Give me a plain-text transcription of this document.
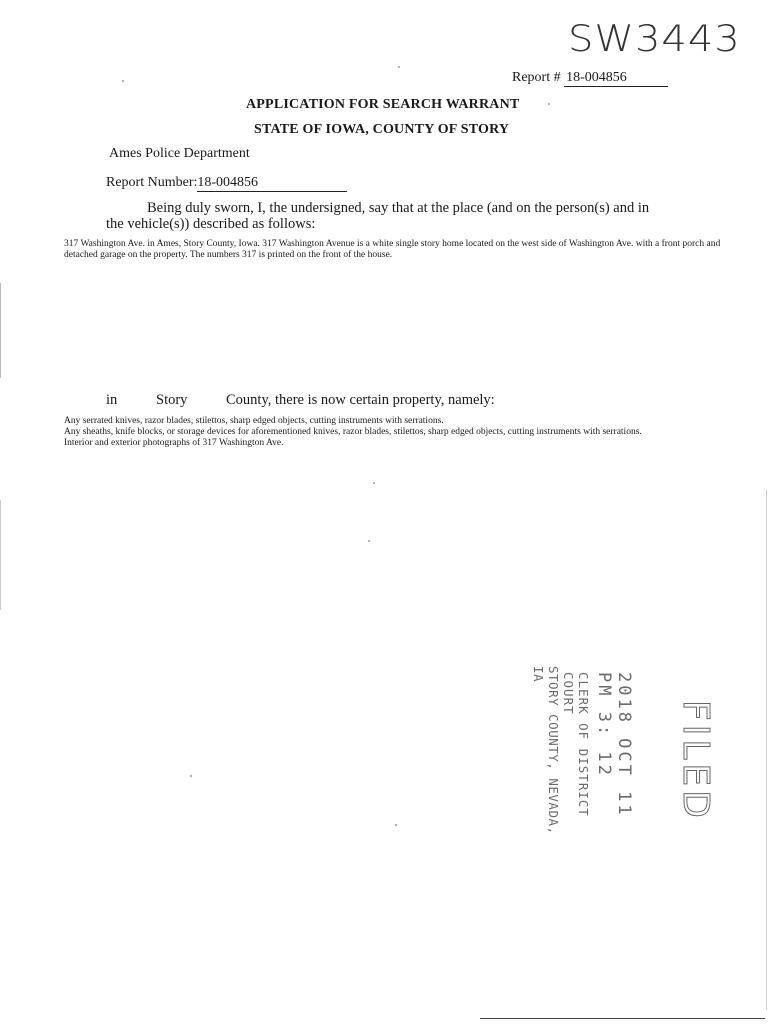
SW3443
Report # 18-004856
APPLICATION FOR SEARCH WARRANT
STATE OF IOWA, COUNTY OF STORY
Ames Police Department
Report Number:18-004856
Being duly sworn, I, the undersigned, say that at the place (and on the person(s) and in
the vehicle(s)) described as follows:
317 Washington Ave. in Ames, Story County, Iowa. 317 Washington Avenue is a white single story home located on the west side of Washington Ave. with a front porch and detached garage on the property. The numbers 317 is printed on the front of the house.
in	Story	County, there is now certain property, namely:
Any serrated knives, razor blades, stilettos, sharp edged objects, cutting instruments with serrations.
Any sheaths, knife blocks, or storage devices for aforementioned knives, razor blades, stilettos, sharp edged objects, cutting instruments with serrations.
Interior and exterior photographs of 317 Washington Ave.
2018 OCT 11 PM 3: 12
CLERK OF DISTRICT COURT
STORY COUNTY, NEVADA, IA
FILED
